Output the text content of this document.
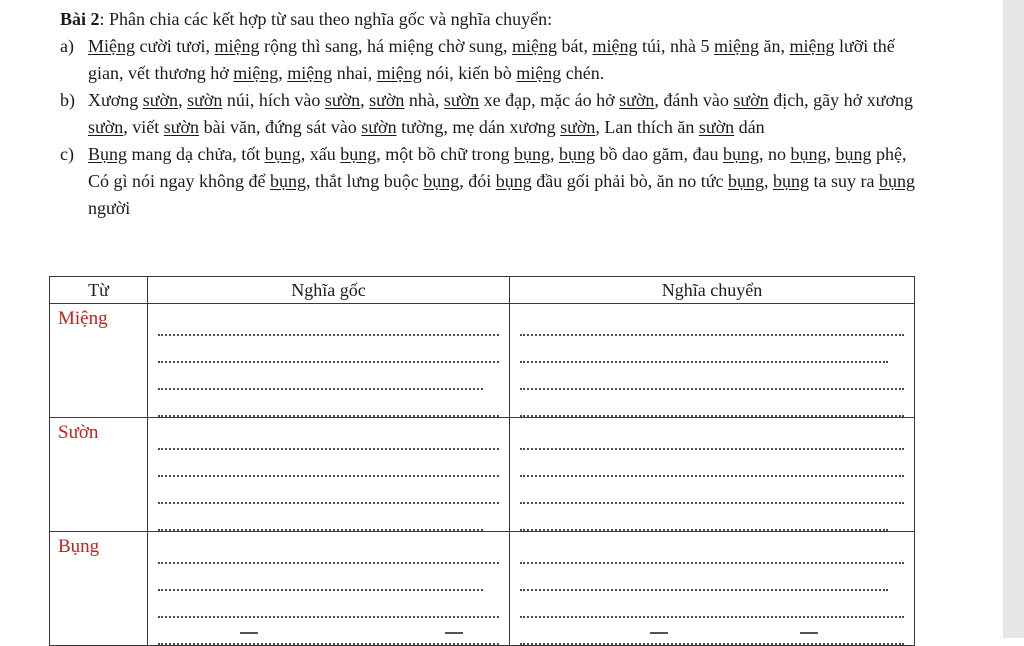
Bài 2: Phân chia các kết hợp từ sau theo nghĩa gốc và nghĩa chuyển:

a) Miệng cười tươi, miệng rộng thì sang, há miệng chờ sung, miệng bát, miệng túi, nhà 5 miệng ăn, miệng lưỡi thế gian, vết thương hở miệng, miệng nhai, miệng nói, kiến bò miệng chén.

b) Xương sườn, sườn núi, hích vào sườn, sườn nhà, sườn xe đạp, mặc áo hở sườn, đánh vào sườn địch, gãy hở xương sườn, viết sườn bài văn, đứng sát vào sườn tường, mẹ dán xương sườn, Lan thích ăn sườn dán

c) Bụng mang dạ chửa, tốt bụng, xấu bụng, một bồ chữ trong bụng, bụng bồ dao găm, đau bụng, no bụng, bụng phệ, Có gì nói ngay không để bụng, thắt lưng buộc bụng, đói bụng đầu gối phải bò, ăn no tức bụng, bụng ta suy ra bụng người

Từ	Nghĩa gốc	Nghĩa chuyển
Miệng	

Sườn	

Bụng	
